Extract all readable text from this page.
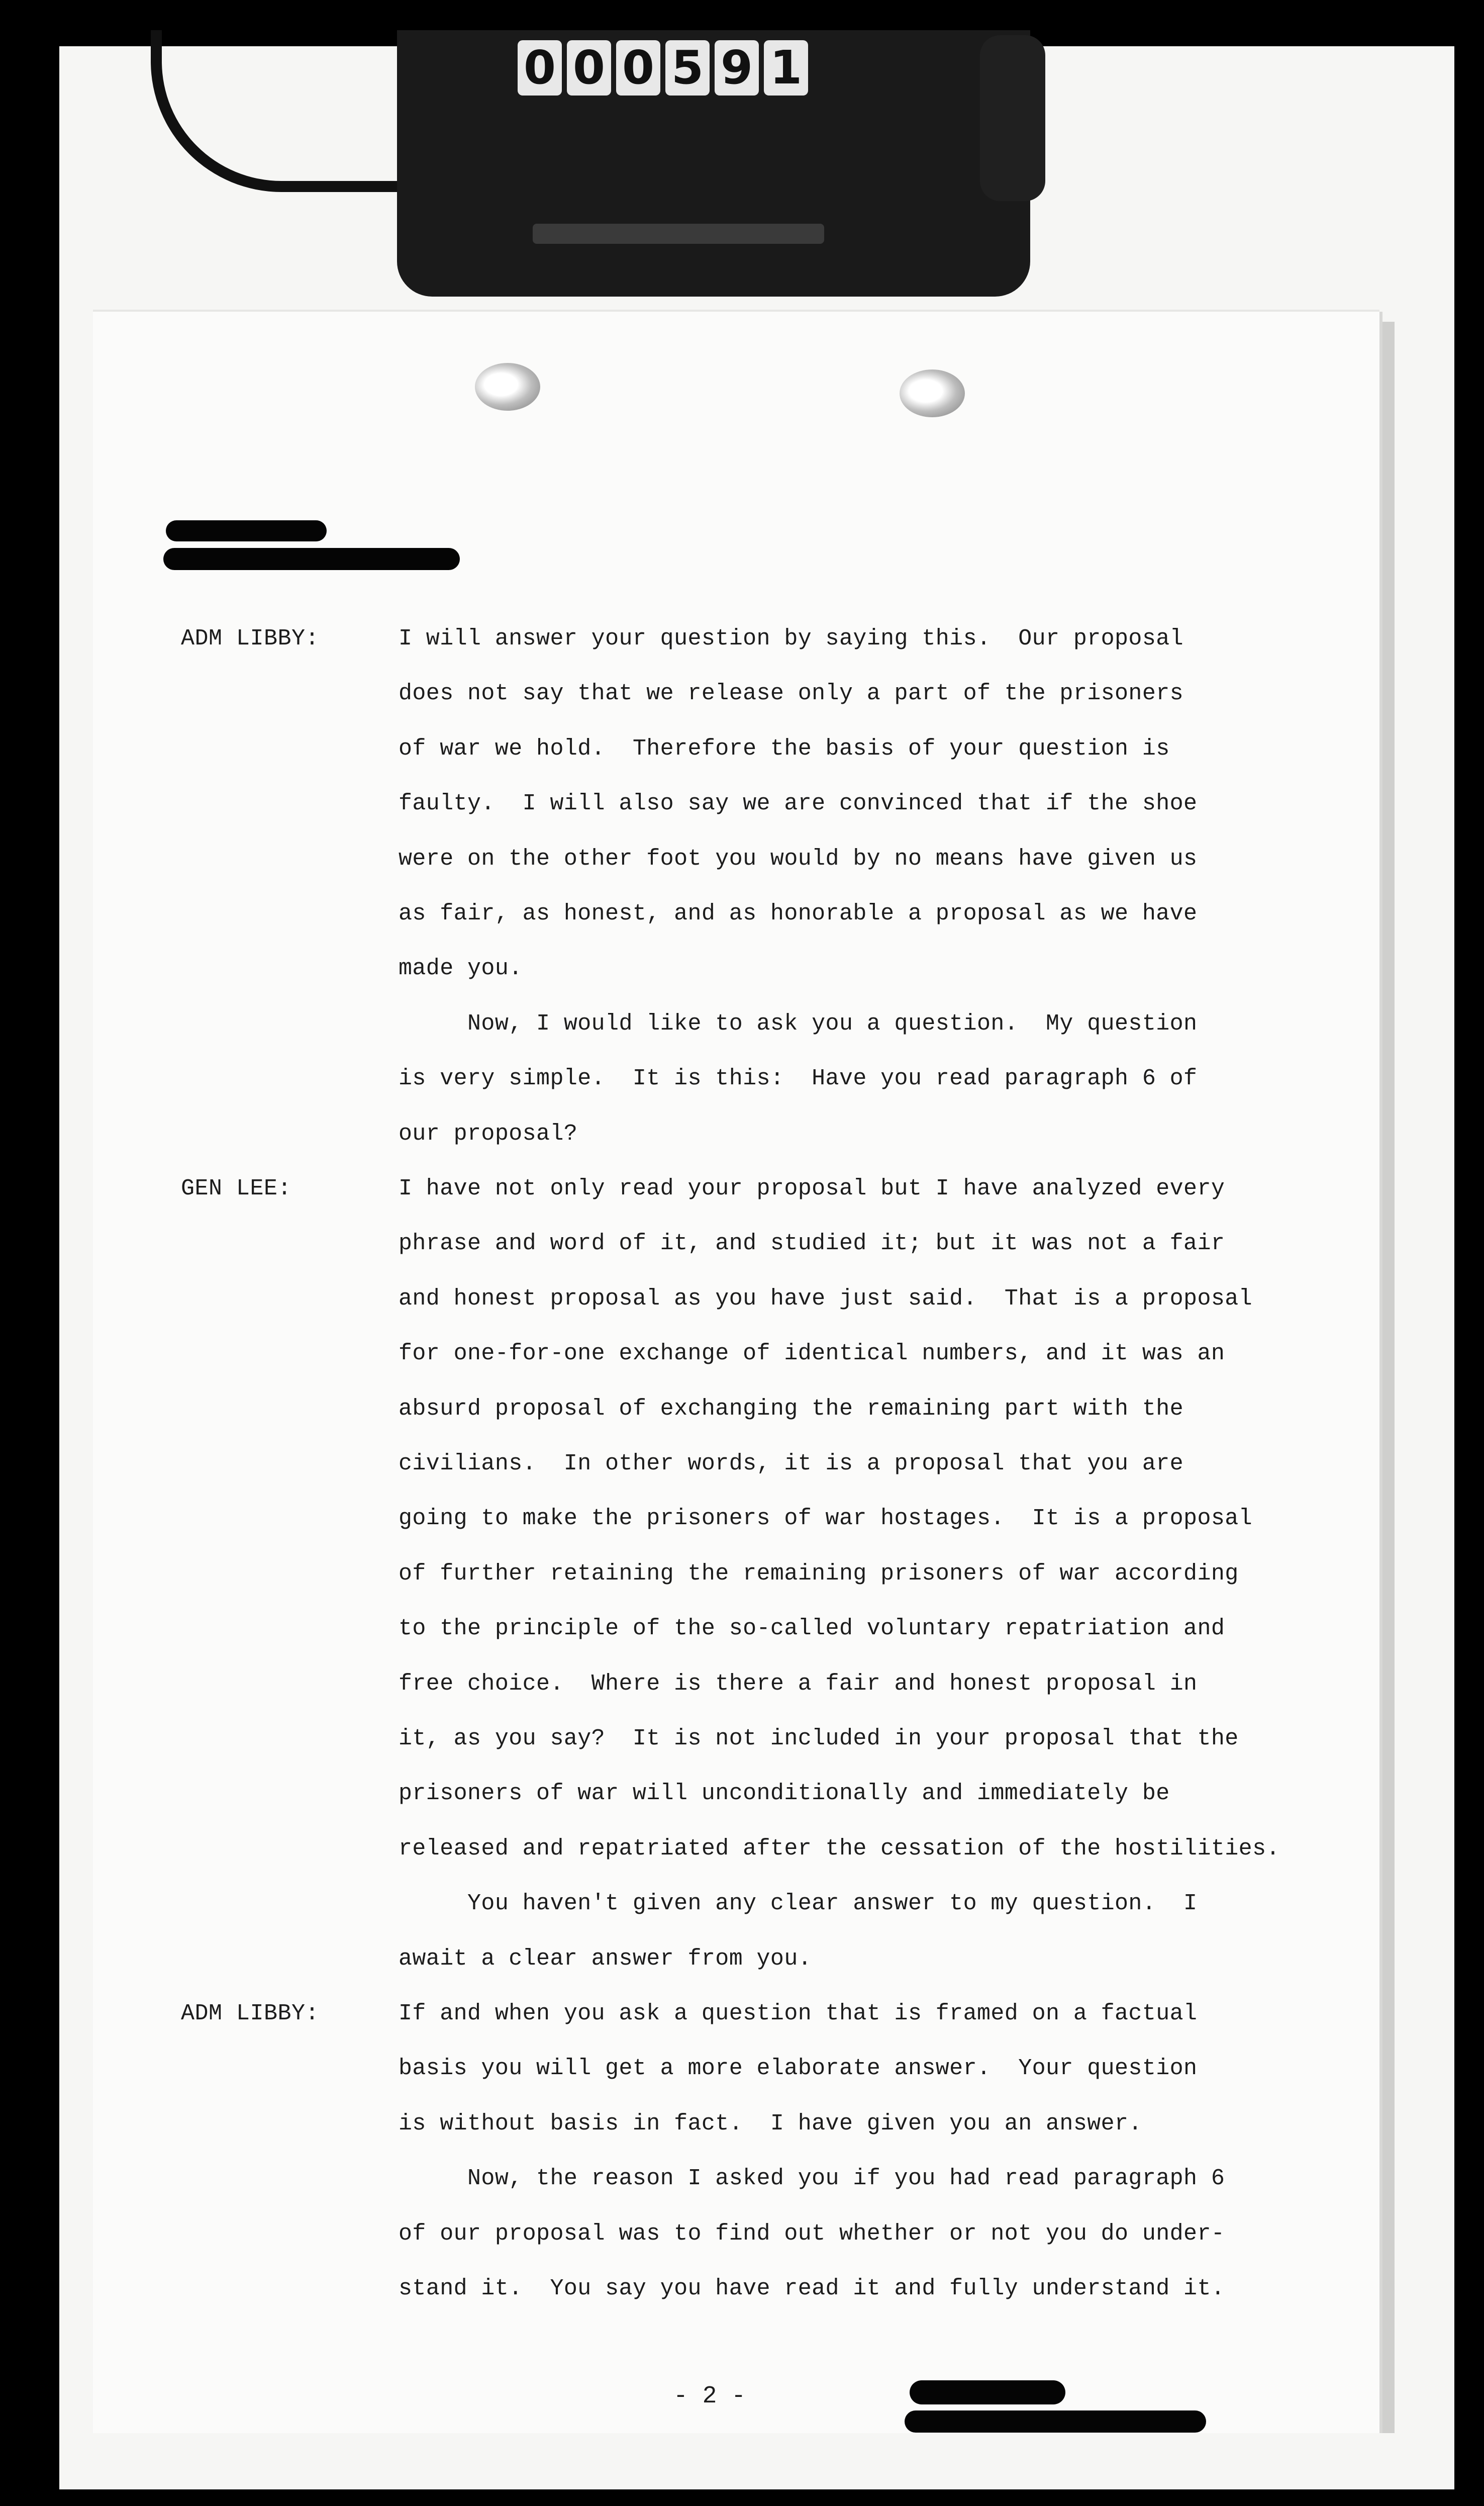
0 0 0 5 9 1
ADM LIBBY:	I will answer your question by saying this.  Our proposal
does not say that we release only a part of the prisoners
of war we hold.  Therefore the basis of your question is
faulty.  I will also say we are convinced that if the shoe
were on the other foot you would by no means have given us
as fair, as honest, and as honorable a proposal as we have
made you.
Now, I would like to ask you a question.  My question
is very simple.  It is this:  Have you read paragraph 6 of
our proposal?
GEN LEE:	I have not only read your proposal but I have analyzed every
phrase and word of it, and studied it; but it was not a fair
and honest proposal as you have just said.  That is a proposal
for one-for-one exchange of identical numbers, and it was an
absurd proposal of exchanging the remaining part with the
civilians.  In other words, it is a proposal that you are
going to make the prisoners of war hostages.  It is a proposal
of further retaining the remaining prisoners of war according
to the principle of the so-called voluntary repatriation and
free choice.  Where is there a fair and honest proposal in
it, as you say?  It is not included in your proposal that the
prisoners of war will unconditionally and immediately be
released and repatriated after the cessation of the hostilities.
You haven't given any clear answer to my question.  I
await a clear answer from you.
ADM LIBBY:	If and when you ask a question that is framed on a factual
basis you will get a more elaborate answer.  Your question
is without basis in fact.  I have given you an answer.
Now, the reason I asked you if you had read paragraph 6
of our proposal was to find out whether or not you do under-
stand it.  You say you have read it and fully understand it.
- 2 -
